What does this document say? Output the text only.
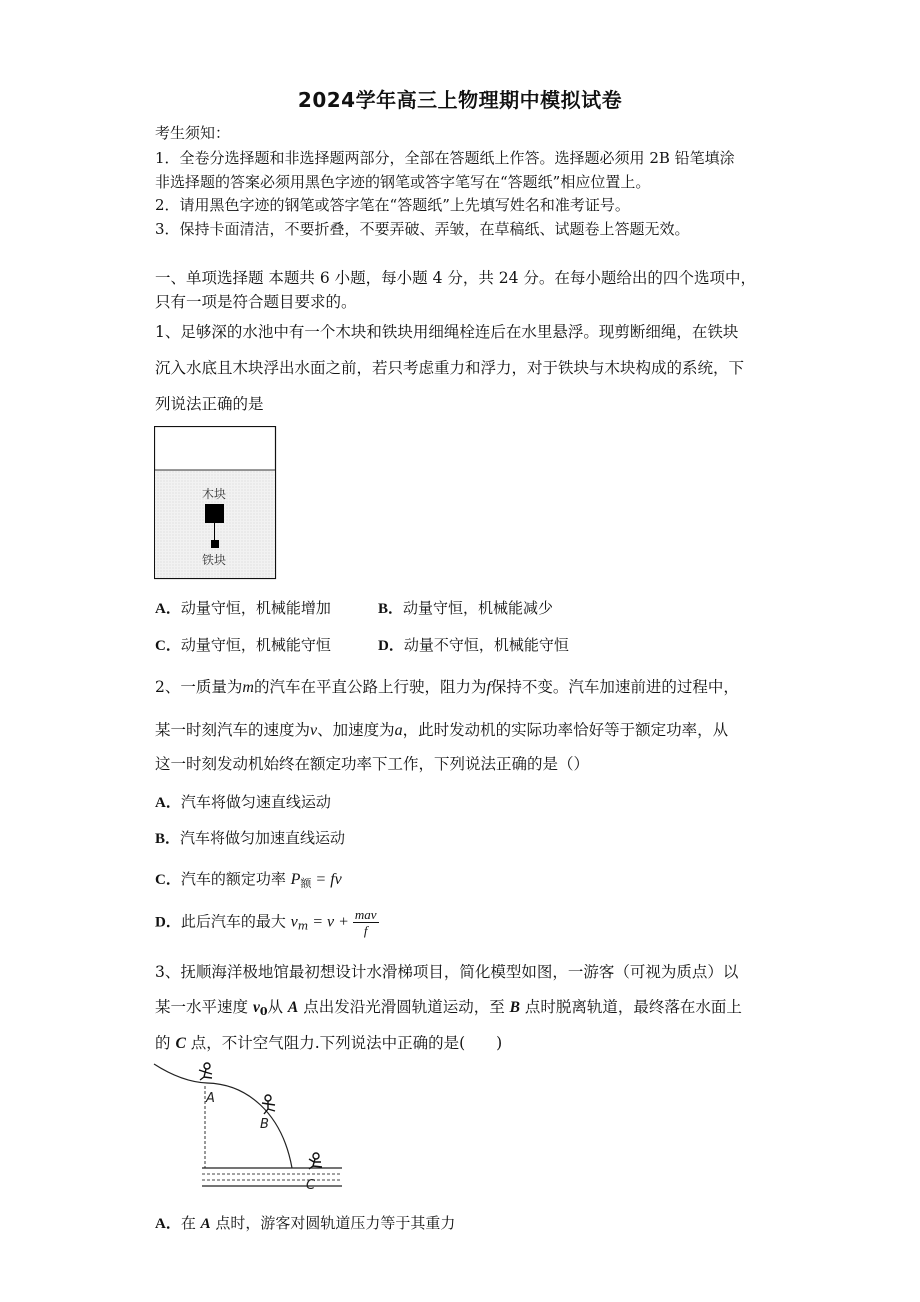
2024学年高三上物理期中模拟试卷
考生须知：
1．全卷分选择题和非选择题两部分，全部在答题纸上作答。选择题必须用 2B 铅笔填涂
非选择题的答案必须用黑色字迹的钢笔或答字笔写在“答题纸”相应位置上。
2．请用黑色字迹的钢笔或答字笔在“答题纸”上先填写姓名和准考证号。
3．保持卡面清洁，不要折叠，不要弄破、弄皱，在草稿纸、试题卷上答题无效。
一、单项选择题 本题共 6 小题，每小题 4 分，共 24 分。在每小题给出的四个选项中，
只有一项是符合题目要求的。
1、足够深的水池中有一个木块和铁块用细绳栓连后在水里悬浮。现剪断细绳，在铁块
沉入水底且木块浮出水面之前，若只考虑重力和浮力，对于铁块与木块构成的系统，下
列说法正确的是
木块
铁块
A．动量守恒，机械能增加	B．动量守恒，机械能减少
C．动量守恒，机械能守恒	D．动量不守恒，机械能守恒
2、一质量为m的汽车在平直公路上行驶，阻力为f保持不变。汽车加速前进的过程中，
某一时刻汽车的速度为v、加速度为a，此时发动机的实际功率恰好等于额定功率，从
这一时刻发动机始终在额定功率下工作，下列说法正确的是（）
A．汽车将做匀速直线运动
B．汽车将做匀加速直线运动
C．汽车的额定功率 $P_额$ = fv
D．此后汽车的最大 $v_m = v + \frac{\text{mav}}{f}$
3、抚顺海洋极地馆最初想设计水滑梯项目，简化模型如图，一游客（可视为质点）以
某一水平速度 $v_0$从 A 点出发沿光滑圆轨道运动，至 B 点时脱离轨道，最终落在水面上
的 C 点，不计空气阻力.下列说法中正确的是(　　)
A
B
C
A．在 A 点时，游客对圆轨道压力等于其重力
